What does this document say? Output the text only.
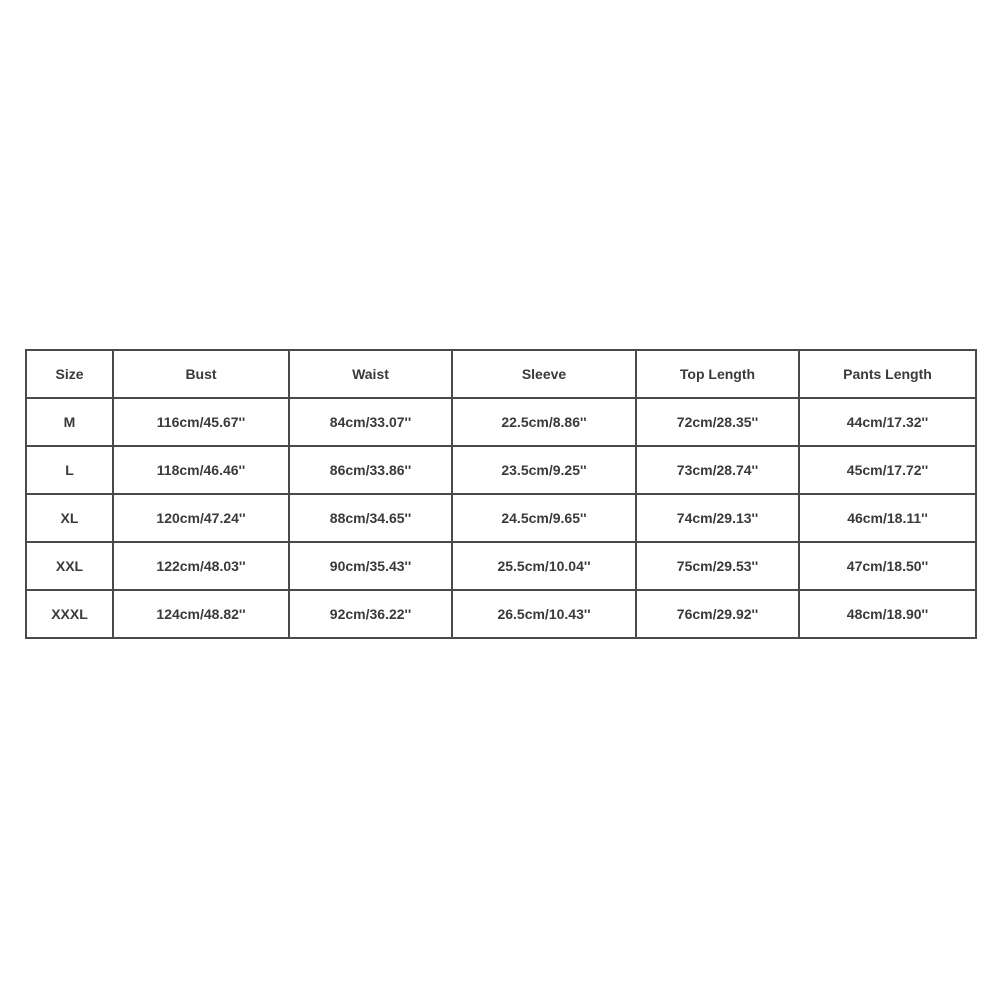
Size	Bust	Waist	Sleeve	Top Length	Pants Length
M	116cm/45.67''	84cm/33.07''	22.5cm/8.86''	72cm/28.35''	44cm/17.32''
L	118cm/46.46''	86cm/33.86''	23.5cm/9.25''	73cm/28.74''	45cm/17.72''
XL	120cm/47.24''	88cm/34.65''	24.5cm/9.65''	74cm/29.13''	46cm/18.11''
XXL	122cm/48.03''	90cm/35.43''	25.5cm/10.04''	75cm/29.53''	47cm/18.50''
XXXL	124cm/48.82''	92cm/36.22''	26.5cm/10.43''	76cm/29.92''	48cm/18.90''
